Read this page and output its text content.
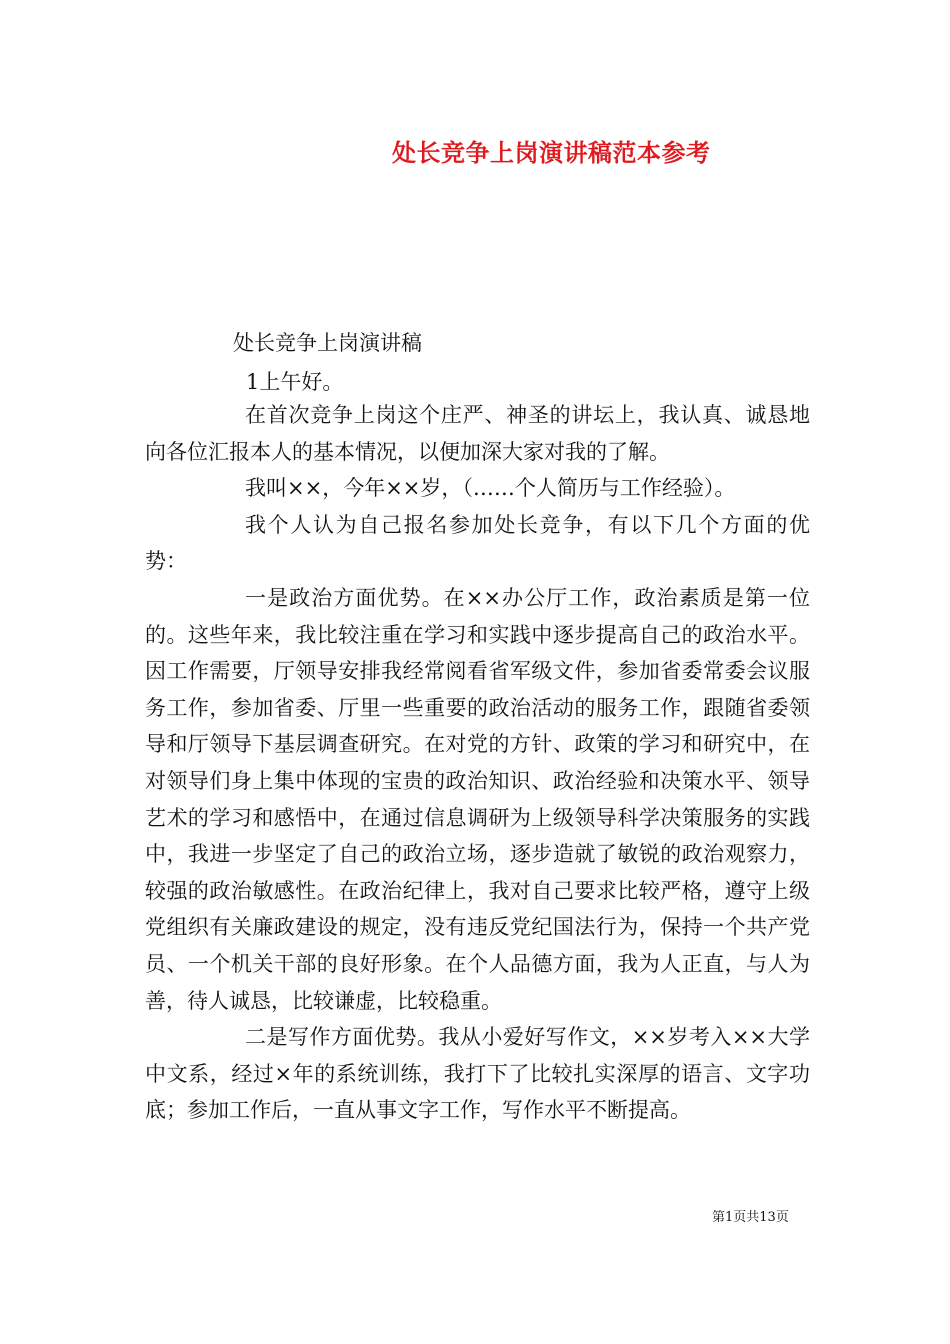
处长竞争上岗演讲稿范本参考
处长竞争上岗演讲稿
1上午好。

在首次竞争上岗这个庄严、神圣的讲坛上，我认真、诚恳地向各位汇报本人的基本情况，以便加深大家对我的了解。

我叫××，今年××岁，（……个人简历与工作经验）。

我个人认为自己报名参加处长竞争，有以下几个方面的优势：

一是政治方面优势。在××办公厅工作，政治素质是第一位的。这些年来，我比较注重在学习和实践中逐步提高自己的政治水平。因工作需要，厅领导安排我经常阅看省军级文件，参加省委常委会议服务工作，参加省委、厅里一些重要的政治活动的服务工作，跟随省委领导和厅领导下基层调查研究。在对党的方针、政策的学习和研究中，在对领导们身上集中体现的宝贵的政治知识、政治经验和决策水平、领导艺术的学习和感悟中，在通过信息调研为上级领导科学决策服务的实践中，我进一步坚定了自己的政治立场，逐步造就了敏锐的政治观察力，较强的政治敏感性。在政治纪律上，我对自己要求比较严格，遵守上级党组织有关廉政建设的规定，没有违反党纪国法行为，保持一个共产党员、一个机关干部的良好形象。在个人品德方面，我为人正直，与人为善，待人诚恳，比较谦虚，比较稳重。

二是写作方面优势。我从小爱好写作文，××岁考入××大学中文系，经过×年的系统训练，我打下了比较扎实深厚的语言、文字功底；参加工作后，一直从事文字工作，写作水平不断提高。

第1页共13页
